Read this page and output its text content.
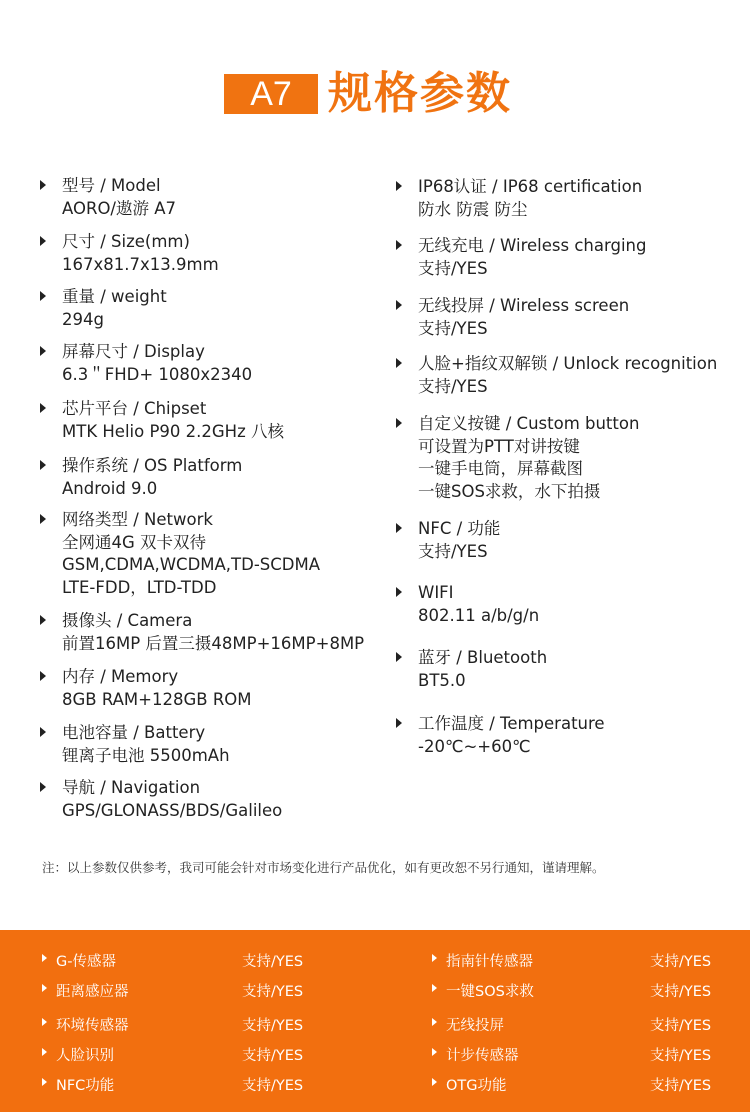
A7 规格参数
型号 / Model
AORO/遨游 A7
尺寸 / Size(mm)
167x81.7x13.9mm
重量 / weight
294g
屏幕尺寸 / Display
6.3＂FHD+ 1080x2340
芯片平台 / Chipset
MTK Helio P90 2.2GHz 八核
操作系统 / OS Platform
Android 9.0
网络类型 / Network
全网通4G 双卡双待
GSM,CDMA,WCDMA,TD-SCDMA
LTE-FDD，LTD-TDD
摄像头 / Camera
前置16MP 后置三摄48MP+16MP+8MP
内存 / Memory
8GB RAM+128GB ROM
电池容量 / Battery
锂离子电池 5500mAh
导航 / Navigation
GPS/GLONASS/BDS/Galileo
IP68认证 / IP68 certification
防水 防震 防尘
无线充电 / Wireless charging
支持/YES
无线投屏 / Wireless screen
支持/YES
人脸+指纹双解锁 / Unlock recognition
支持/YES
自定义按键 / Custom button
可设置为PTT对讲按键
一键手电筒，屏幕截图
一键SOS求救，水下拍摄
NFC / 功能
支持/YES
WIFI
802.11 a/b/g/n
蓝牙 / Bluetooth
BT5.0
工作温度 / Temperature
-20℃~+60℃
注：以上参数仅供参考，我司可能会针对市场变化进行产品优化，如有更改恕不另行通知，谨请理解。
G-传感器	支持/YES
距离感应器	支持/YES
环境传感器	支持/YES
人脸识别	支持/YES
NFC功能	支持/YES
指南针传感器	支持/YES
一键SOS求救	支持/YES
无线投屏	支持/YES
计步传感器	支持/YES
OTG功能	支持/YES
